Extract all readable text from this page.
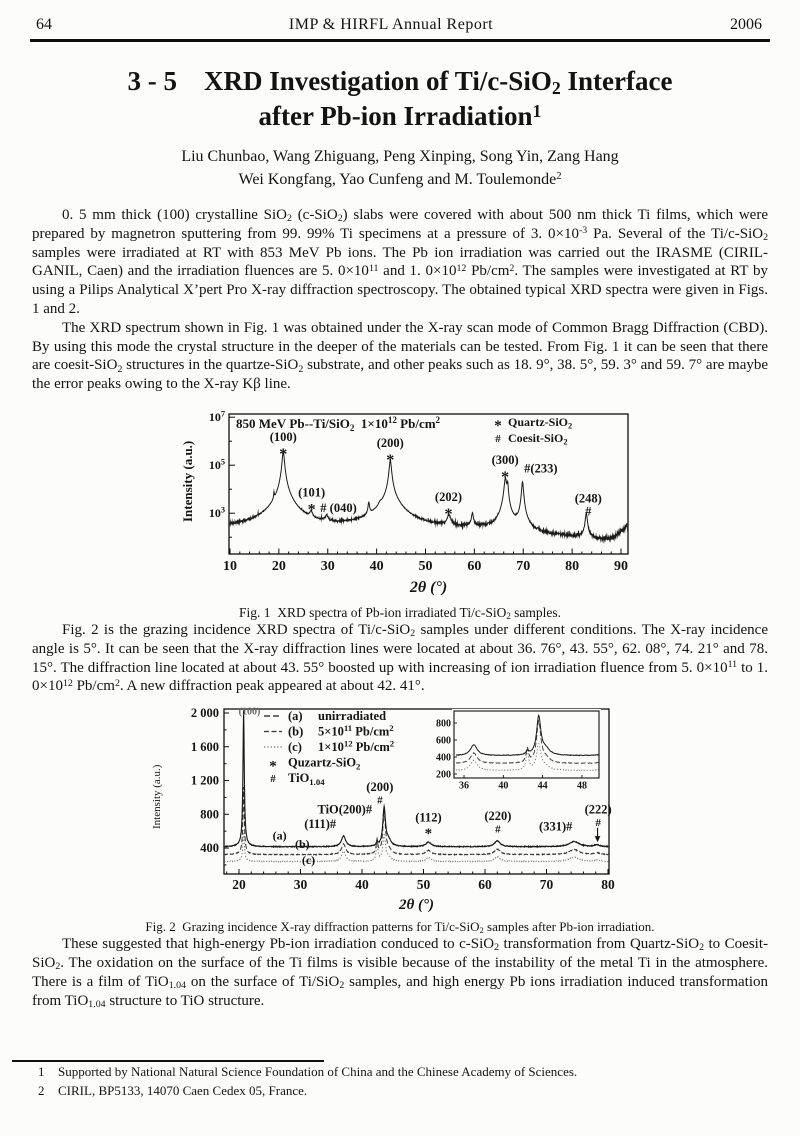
64	IMP & HIRFL Annual Report	2006
3 - 5 XRD Investigation of Ti/c-SiO$_2$ Interface
after Pb-ion Irradiation$^1$
Liu Chunbao, Wang Zhiguang, Peng Xinping, Song Yin, Zang Hang
Wei Kongfang, Yao Cunfeng and M. Toulemonde$^2$

0. 5 mm thick (100) crystalline SiO$_2$ (c-SiO$_2$) slabs were covered with about 500 nm thick Ti films, which were prepared by magnetron sputtering from 99. 99% Ti specimens at a pressure of 3. $0\times 10^{-3}$ Pa. Several of the Ti/c-SiO$_2$ samples were irradiated at RT with 853 MeV Pb ions. The Pb ion irradiation was carried out the IRASME (CIRIL-GANIL, Caen) and the irradiation fluences are 5. $0\times 10^{11}$ and 1. $0\times 10^{12}$ $Pb/cm^2$. The samples were investigated at RT by using a Pilips Analytical X’pert Pro X-ray diffraction spectroscopy. The obtained typical XRD spectra were given in Figs. 1 and 2.

The XRD spectrum shown in Fig. 1 was obtained under the X-ray scan mode of Common Bragg Diffraction (CBD). By using this mode the crystal structure in the deeper of the materials can be tested. From Fig. 1 it can be seen that there are coesit-SiO$_2$ structures in the quartze-SiO$_2$ substrate, and other peaks such as 18. 9°, 38. 5°, 59. 3° and 59. 7° are maybe the error peaks owing to the X-ray Kβ line.

Fig. 1 XRD spectra of Pb-ion irradiated Ti/c-SiO$_2$ samples.

Fig. 2 is the grazing incidence XRD spectra of Ti/c-SiO$_2$ samples under different conditions. The X-ray incidence angle is 5°. It can be seen that the X-ray diffraction lines were located at about 36. 76°, 43. 55°, 62. 08°, 74. 21° and 78. 15°. The diffraction line located at about 43. 55° boosted up with increasing of ion irradiation fluence from 5. $0\times 10^{11}$ to 1. $0\times 10^{12}$ $Pb/cm^2$. A new diffraction peak appeared at about 42. 41°.

Fig. 2 Grazing incidence X-ray diffraction patterns for Ti/c-SiO$_2$ samples after Pb-ion irradiation.

These suggested that high-energy Pb-ion irradiation conduced to c-SiO$_2$ transformation from Quartz-SiO$_2$ to Coesit-SiO$_2$. The oxidation on the surface of the Ti films is visible because of the instability of the metal Ti in the atmosphere. There is a film of TiO$_{1.04}$ on the surface of Ti/SiO$_2$ samples, and high energy Pb ions irradiation induced transformation from TiO$_{1.04}$ structure to TiO structure.

1	Supported by National Natural Science Foundation of China and the Chinese Academy of Sciences.
2	CIRIL, BP5133, 14070 Caen Cedex 05, France.
